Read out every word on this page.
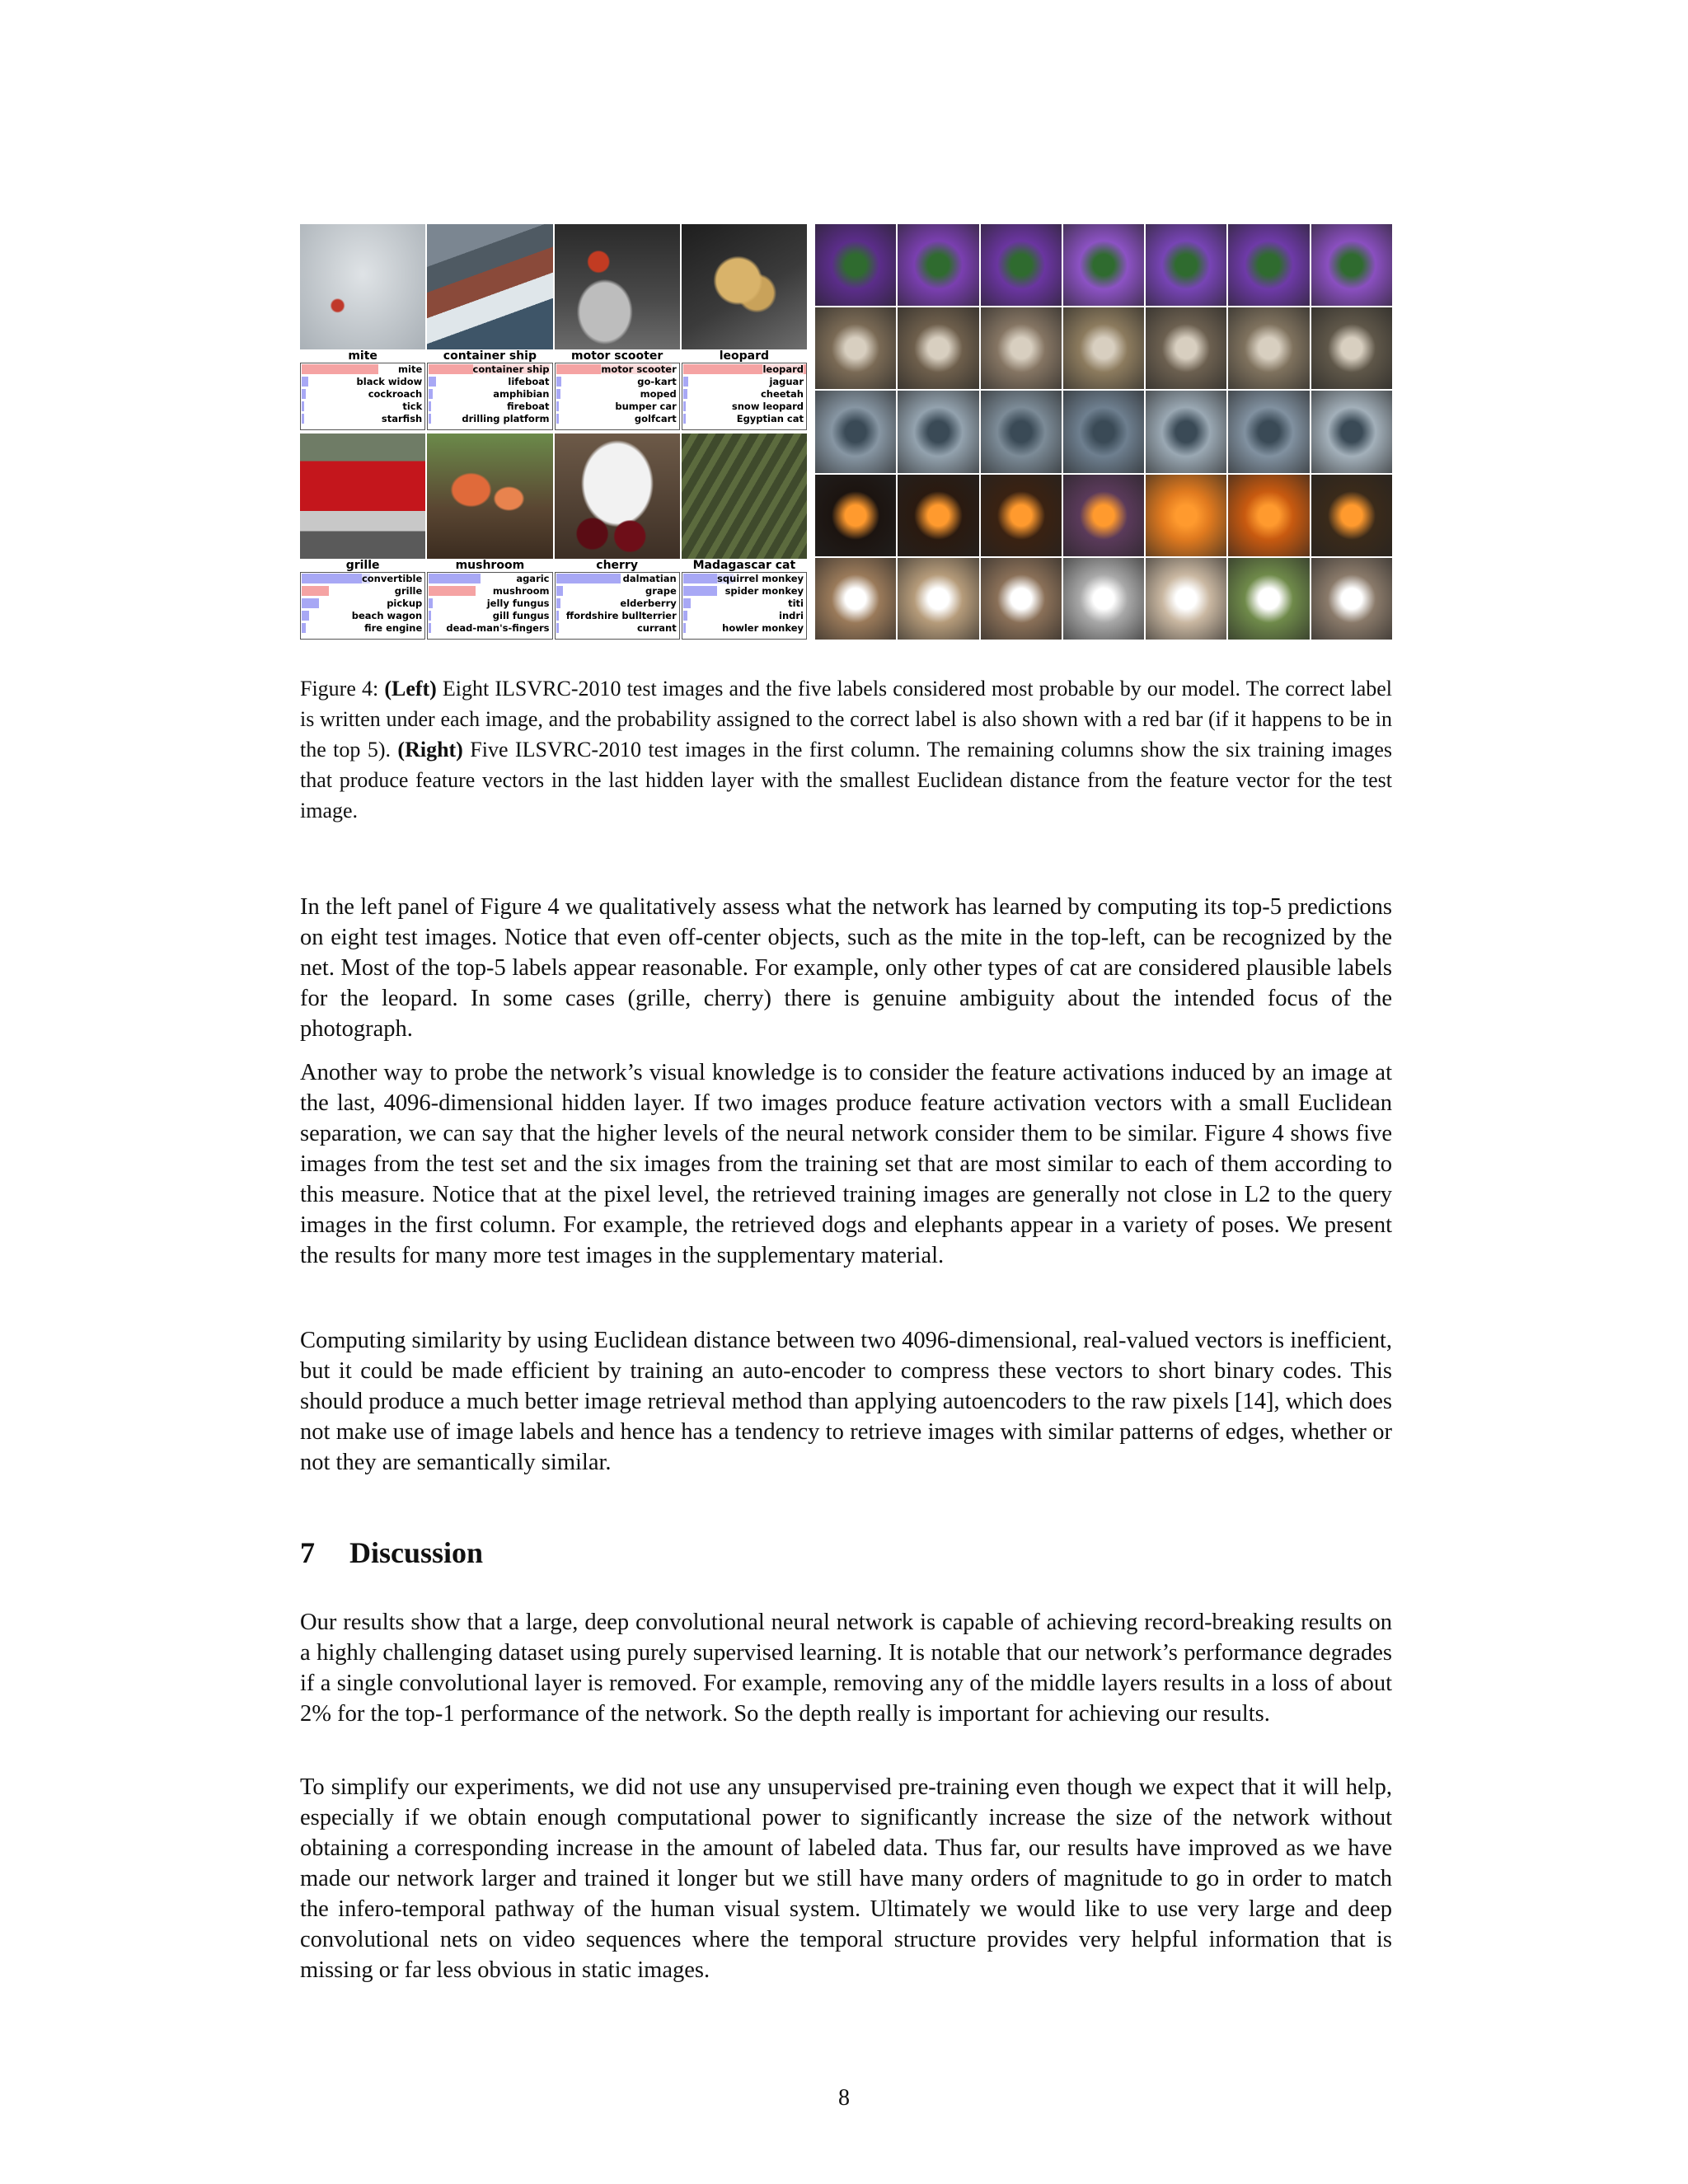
mite
mite
black widow
cockroach
tick
starfish
container ship
container ship
lifeboat
amphibian
fireboat
drilling platform
motor scooter
motor scooter
go-kart
moped
bumper car
golfcart
leopard
leopard
jaguar
cheetah
snow leopard
Egyptian cat
grille
convertible
grille
pickup
beach wagon
fire engine
mushroom
agaric
mushroom
jelly fungus
gill fungus
dead-man's-fingers
cherry
dalmatian
grape
elderberry
ffordshire bullterrier
currant
Madagascar cat
squirrel monkey
spider monkey
titi
indri
howler monkey

Figure 4: (Left) Eight ILSVRC-2010 test images and the five labels considered most probable by our model. The correct label is written under each image, and the probability assigned to the correct label is also shown with a red bar (if it happens to be in the top 5). (Right) Five ILSVRC-2010 test images in the first column. The remaining columns show the six training images that produce feature vectors in the last hidden layer with the smallest Euclidean distance from the feature vector for the test image.

In the left panel of Figure 4 we qualitatively assess what the network has learned by computing its top-5 predictions on eight test images. Notice that even off-center objects, such as the mite in the top-left, can be recognized by the net. Most of the top-5 labels appear reasonable. For example, only other types of cat are considered plausible labels for the leopard. In some cases (grille, cherry) there is genuine ambiguity about the intended focus of the photograph.

Another way to probe the network’s visual knowledge is to consider the feature activations induced by an image at the last, 4096-dimensional hidden layer. If two images produce feature activation vectors with a small Euclidean separation, we can say that the higher levels of the neural network consider them to be similar. Figure 4 shows five images from the test set and the six images from the training set that are most similar to each of them according to this measure. Notice that at the pixel level, the retrieved training images are generally not close in L2 to the query images in the first column. For example, the retrieved dogs and elephants appear in a variety of poses. We present the results for many more test images in the supplementary material.

Computing similarity by using Euclidean distance between two 4096-dimensional, real-valued vectors is inefficient, but it could be made efficient by training an auto-encoder to compress these vectors to short binary codes. This should produce a much better image retrieval method than applying autoencoders to the raw pixels [14], which does not make use of image labels and hence has a tendency to retrieve images with similar patterns of edges, whether or not they are semantically similar.

7 Discussion

Our results show that a large, deep convolutional neural network is capable of achieving record-breaking results on a highly challenging dataset using purely supervised learning. It is notable that our network’s performance degrades if a single convolutional layer is removed. For example, removing any of the middle layers results in a loss of about 2% for the top-1 performance of the network. So the depth really is important for achieving our results.

To simplify our experiments, we did not use any unsupervised pre-training even though we expect that it will help, especially if we obtain enough computational power to significantly increase the size of the network without obtaining a corresponding increase in the amount of labeled data. Thus far, our results have improved as we have made our network larger and trained it longer but we still have many orders of magnitude to go in order to match the infero-temporal pathway of the human visual system. Ultimately we would like to use very large and deep convolutional nets on video sequences where the temporal structure provides very helpful information that is missing or far less obvious in static images.

8
